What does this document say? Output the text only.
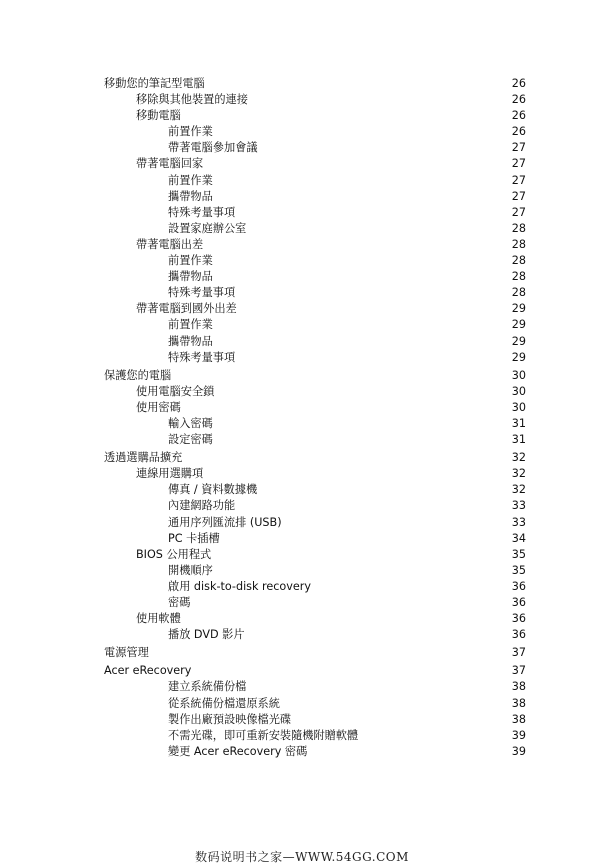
移動您的筆記型電腦	26
移除與其他裝置的連接	26
移動電腦	26
前置作業	26
帶著電腦參加會議	27
帶著電腦回家	27
前置作業	27
攜帶物品	27
特殊考量事項	27
設置家庭辦公室	28
帶著電腦出差	28
前置作業	28
攜帶物品	28
特殊考量事項	28
帶著電腦到國外出差	29
前置作業	29
攜帶物品	29
特殊考量事項	29
保護您的電腦	30
使用電腦安全鎖	30
使用密碼	30
輸入密碼	31
設定密碼	31
透過選購品擴充	32
連線用選購項	32
傳真 / 資料數據機	32
內建網路功能	33
通用序列匯流排 (USB)	33
PC 卡插槽	34
BIOS 公用程式	35
開機順序	35
啟用 disk-to-disk recovery	36
密碼	36
使用軟體	36
播放 DVD 影片	36
電源管理	37
Acer eRecovery	37
建立系統備份檔	38
從系統備份檔還原系統	38
製作出廠預設映像檔光碟	38
不需光碟，即可重新安裝隨機附贈軟體	39
變更 Acer eRecovery 密碼	39
数码说明书之家—WWW.54GG.COM
